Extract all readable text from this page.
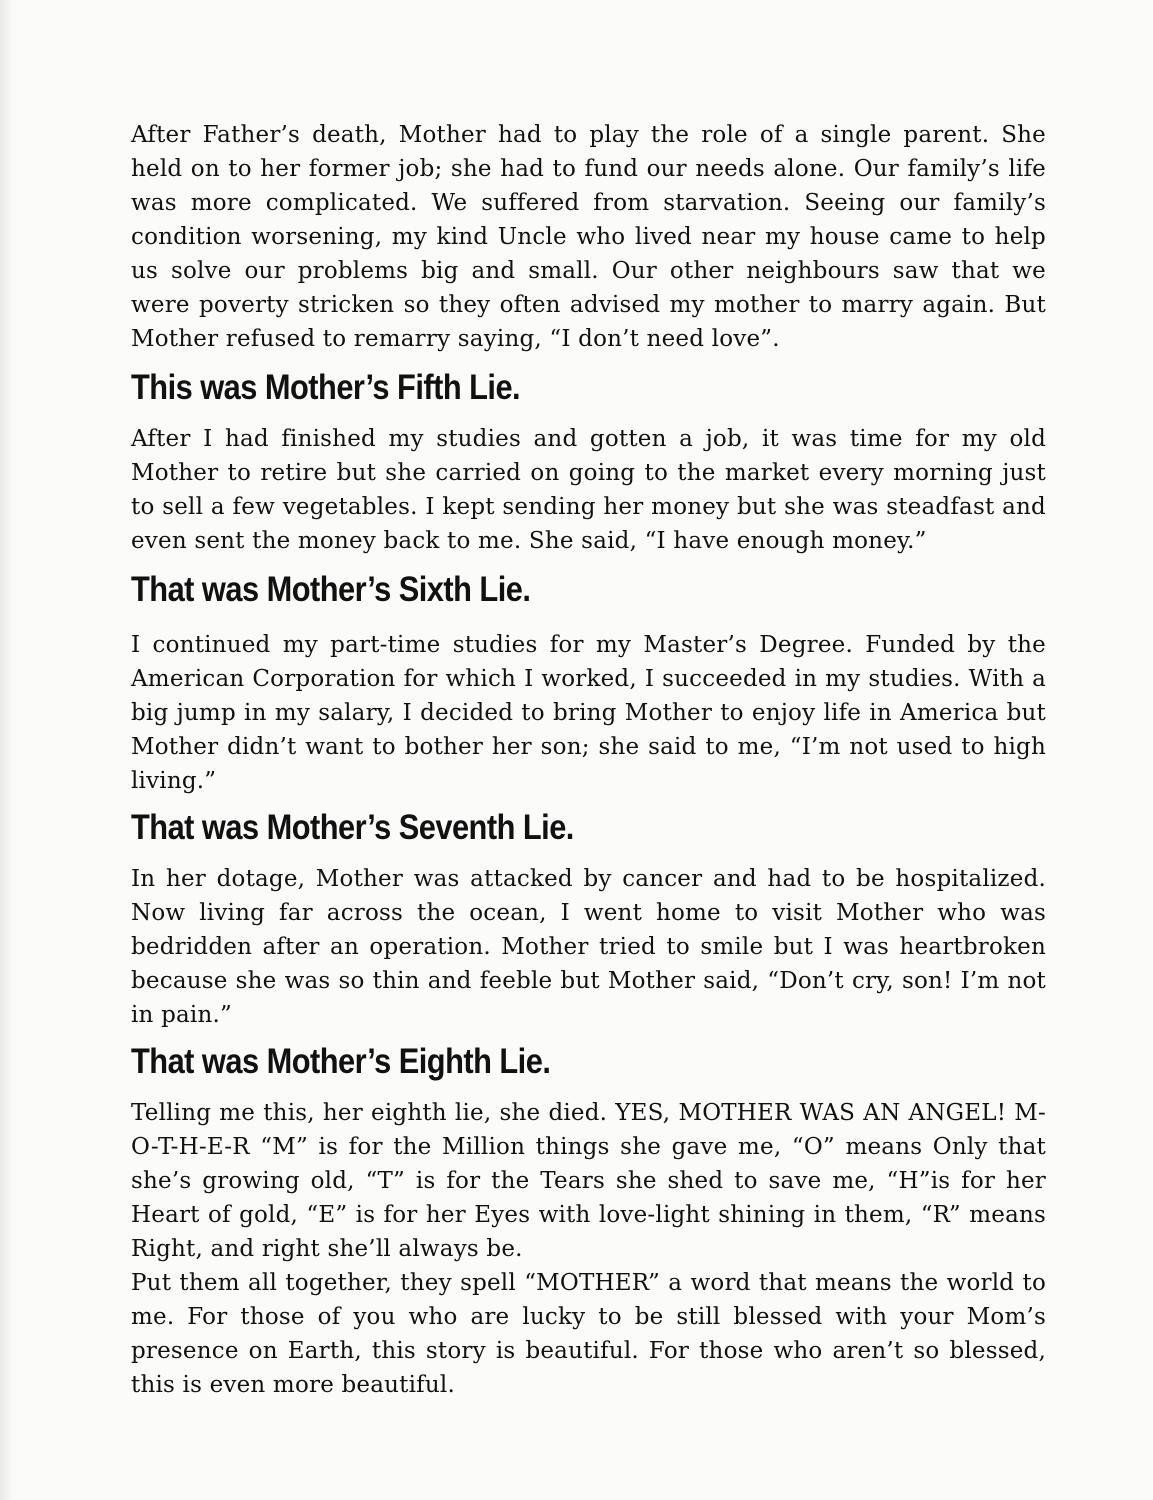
After Father’s death, Mother had to play the role of a single parent. She held on to her former job; she had to fund our needs alone. Our family’s life was more complicated. We suffered from starvation. Seeing our family’s condition worsening, my kind Uncle who lived near my house came to help us solve our problems big and small. Our other neighbours saw that we were poverty stricken so they often advised my mother to marry again. But Mother refused to remarry saying, “I don’t need love”.

This was Mother’s Fifth Lie.

After I had finished my studies and gotten a job, it was time for my old Mother to retire but she carried on going to the market every morning just to sell a few vegetables. I kept sending her money but she was steadfast and even sent the money back to me. She said, “I have enough money.”

That was Mother’s Sixth Lie.

I continued my part-time studies for my Master’s Degree. Funded by the American Corporation for which I worked, I succeeded in my studies. With a big jump in my salary, I decided to bring Mother to enjoy life in America but Mother didn’t want to bother her son; she said to me, “I’m not used to high living.”

That was Mother’s Seventh Lie.

In her dotage, Mother was attacked by cancer and had to be hospitalized. Now living far across the ocean, I went home to visit Mother who was bedridden after an operation. Mother tried to smile but I was heartbroken because she was so thin and feeble but Mother said, “Don’t cry, son! I’m not in pain.”

That was Mother’s Eighth Lie.

Telling me this, her eighth lie, she died. YES, MOTHER WAS AN ANGEL! M-O-T-H-E-R “M” is for the Million things she gave me, “O” means Only that she’s growing old, “T” is for the Tears she shed to save me, “H”is for her Heart of gold, “E” is for her Eyes with love-light shining in them, “R” means Right, and right she’ll always be.

Put them all together, they spell “MOTHER” a word that means the world to me. For those of you who are lucky to be still blessed with your Mom’s presence on Earth, this story is beautiful. For those who aren’t so blessed, this is even more beautiful.
